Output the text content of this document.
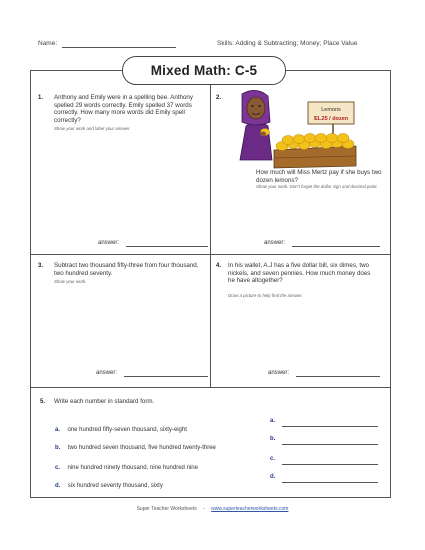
Name:	Skills: Adding & Subtracting; Money; Place Value
Mixed Math: C-5
1. Anthony and Emily were in a spelling bee. Anthony spelled 29 words correctly. Emily spelled 37 words correctly. How many more words did Emily spell correctly?
Show your work and label your answer.
answer:
2.
Lemons
$1.25 / dozen
How much will Miss Mertz pay if she buys two dozen lemons?
Show your work. Don't forget the dollar sign and decimal point.
answer:
3. Subtract two thousand fifty-three from four thousand, two hundred seventy.
Show your work.
answer:
4. In his wallet, A.J has a five dollar bill, six dimes, two nickels, and seven pennies. How much money does he have altogether?
Draw a picture to help find the answer.
answer:
5. Write each number in standard form.
a. one hundred fifty-seven thousand, sixty-eight
a.
b. two hundred seven thousand, five hundred twenty-three
b.
c. nine hundred ninety thousand, nine hundred nine
c.
d. six hundred seventy thousand, sixty
d.
Super Teacher Worksheets - www.superteacherworksheets.com
